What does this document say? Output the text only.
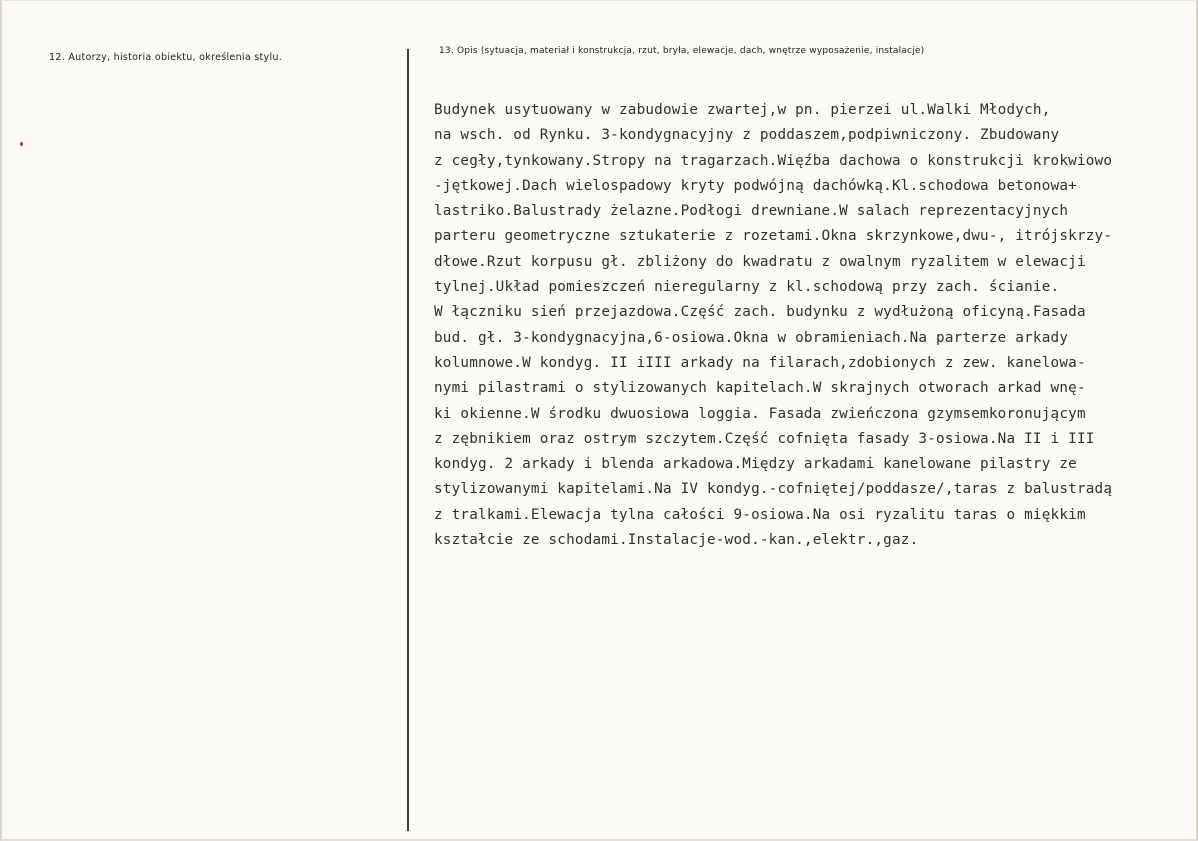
12. Autorzy, historia obiektu, określenia stylu.
13. Opis (sytuacja, materiał i konstrukcja, rzut, bryła, elewacje, dach, wnętrze wyposażenie, instalacje)
Budynek usytuowany w zabudowie zwartej,w pn. pierzei ul.Walki Młodych,
na wsch. od Rynku. 3-kondygnacyjny z poddaszem,podpiwniczony. Zbudowany
z cegły,tynkowany.Stropy na tragarzach.Więźba dachowa o konstrukcji krokwiowo
-jętkowej.Dach wielospadowy kryty podwójną dachówką.Kl.schodowa betonowa+
lastriko.Balustrady żelazne.Podłogi drewniane.W salach reprezentacyjnych
parteru geometryczne sztukaterie z rozetami.Okna skrzynkowe,dwu-, itrójskrzy-
dłowe.Rzut korpusu gł. zbliżony do kwadratu z owalnym ryzalitem w elewacji
tylnej.Układ pomieszczeń nieregularny z kl.schodową przy zach. ścianie.
W łączniku sień przejazdowa.Część zach. budynku z wydłużoną oficyną.Fasada
bud. gł. 3-kondygnacyjna,6-osiowa.Okna w obramieniach.Na parterze arkady
kolumnowe.W kondyg. II iIII arkady na filarach,zdobionych z zew. kanelowa-
nymi pilastrami o stylizowanych kapitelach.W skrajnych otworach arkad wnę-
ki okienne.W środku dwuosiowa loggia. Fasada zwieńczona gzymsemkoronującym
z zębnikiem oraz ostrym szczytem.Część cofnięta fasady 3-osiowa.Na II i III
kondyg. 2 arkady i blenda arkadowa.Między arkadami kanelowane pilastry ze
stylizowanymi kapitelami.Na IV kondyg.-cofniętej/poddasze/,taras z balustradą
z tralkami.Elewacja tylna całości 9-osiowa.Na osi ryzalitu taras o miękkim
kształcie ze schodami.Instalacje-wod.-kan.,elektr.,gaz.
